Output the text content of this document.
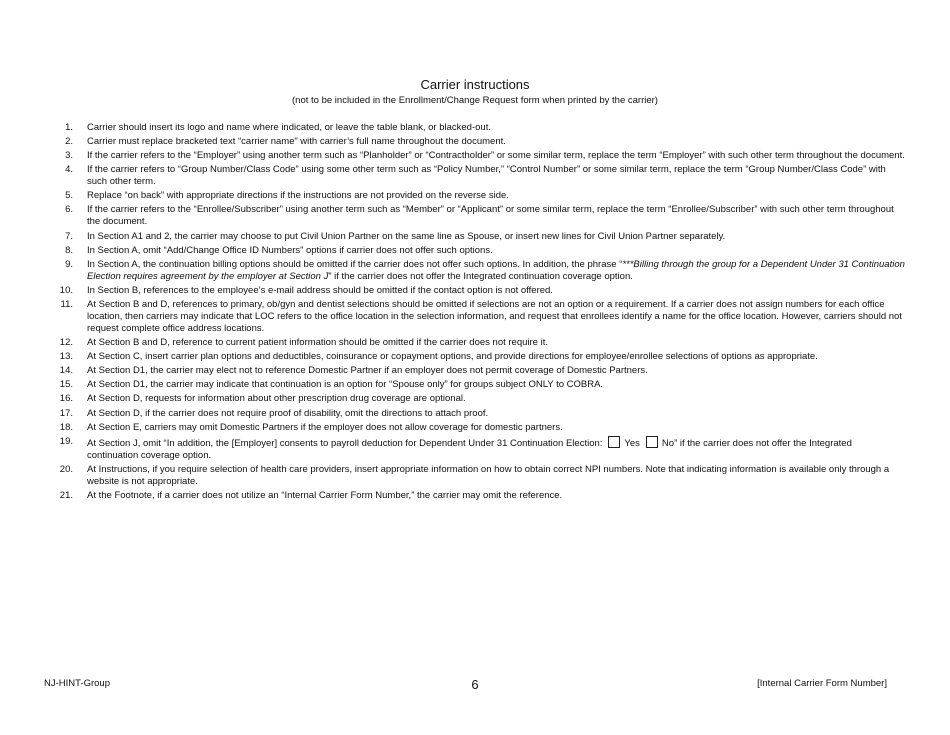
Carrier instructions
(not to be included in the Enrollment/Change Request form when printed by the carrier)
1. Carrier should insert its logo and name where indicated, or leave the table blank, or blacked-out.
2. Carrier must replace bracketed text “carrier name” with carrier’s full name throughout the document.
3. If the carrier refers to the “Employer” using another term such as “Planholder” or “Contractholder” or some similar term, replace the term “Employer” with such other term throughout the document.
4. If the carrier refers to “Group Number/Class Code” using some other term such as “Policy Number,” “Control Number” or some similar term, replace the term “Group Number/Class Code” with such other term.
5. Replace “on back” with appropriate directions if the instructions are not provided on the reverse side.
6. If the carrier refers to the “Enrollee/Subscriber” using another term such as “Member” or “Applicant” or some similar term, replace the term “Enrollee/Subscriber” with such other term throughout the document.
7. In Section A1 and 2, the carrier may choose to put Civil Union Partner on the same line as Spouse, or insert new lines for Civil Union Partner separately.
8. In Section A, omit “Add/Change Office ID Numbers” options if carrier does not offer such options.
9. In Section A, the continuation billing options should be omitted if the carrier does not offer such options. In addition, the phrase “***Billing through the group for a Dependent Under 31 Continuation Election requires agreement by the employer at Section J” if the carrier does not offer the Integrated continuation coverage option.
10. In Section B, references to the employee’s e-mail address should be omitted if the contact option is not offered.
11. At Section B and D, references to primary, ob/gyn and dentist selections should be omitted if selections are not an option or a requirement. If a carrier does not assign numbers for each office location, then carriers may indicate that LOC refers to the office location in the selection information, and request that enrollees identify a name for the office location. However, carriers should not request complete office address locations.
12. At Section B and D, reference to current patient information should be omitted if the carrier does not require it.
13. At Section C, insert carrier plan options and deductibles, coinsurance or copayment options, and provide directions for employee/enrollee selections of options as appropriate.
14. At Section D1, the carrier may elect not to reference Domestic Partner if an employer does not permit coverage of Domestic Partners.
15. At Section D1, the carrier may indicate that continuation is an option for “Spouse only” for groups subject ONLY to COBRA.
16. At Section D, requests for information about other prescription drug coverage are optional.
17. At Section D, if the carrier does not require proof of disability, omit the directions to attach proof.
18. At Section E, carriers may omit Domestic Partners if the employer does not allow coverage for domestic partners.
19. At Section J, omit “In addition, the [Employer] consents to payroll deduction for Dependent Under 31 Continuation Election: Yes No” if the carrier does not offer the Integrated continuation coverage option.
20. At Instructions, if you require selection of health care providers, insert appropriate information on how to obtain correct NPI numbers. Note that indicating information is available only through a website is not appropriate.
21. At the Footnote, if a carrier does not utilize an “Internal Carrier Form Number,” the carrier may omit the reference.
NJ-HINT-Group	6	[Internal Carrier Form Number]
